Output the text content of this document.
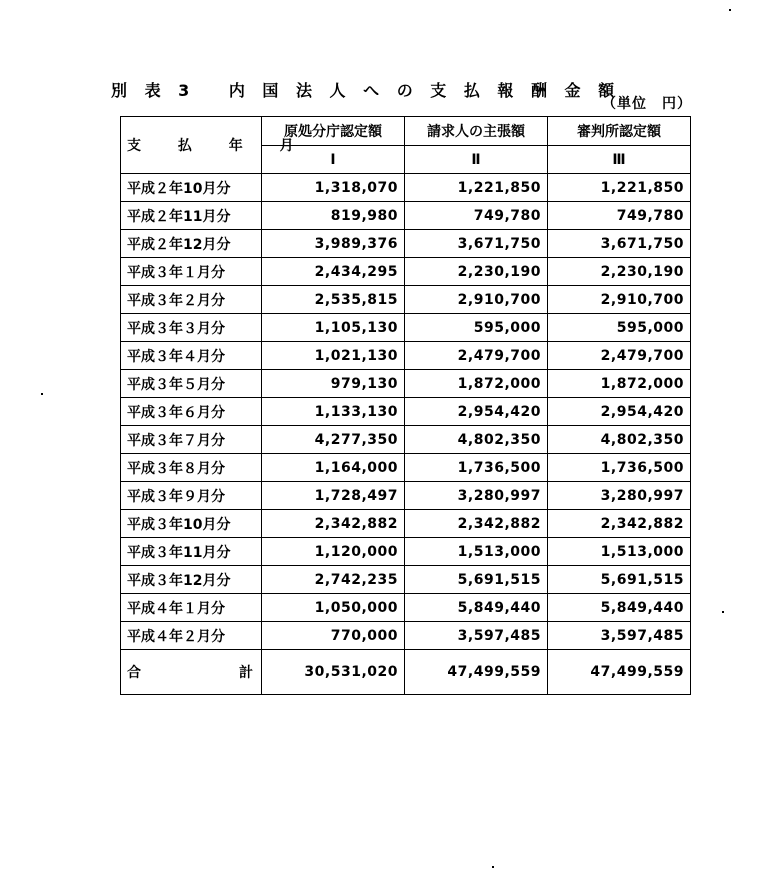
別 表 3　 内 国 法 人 へ の 支 払 報 酬 金 額
（単位　円）
支 払 年 月	原処分庁認定額	請求人の主張額	審判所認定額
	Ⅰ	Ⅱ	Ⅲ
平成２年10月分	1,318,070	1,221,850	1,221,850
平成２年11月分	819,980	749,780	749,780
平成２年12月分	3,989,376	3,671,750	3,671,750
平成３年１月分	2,434,295	2,230,190	2,230,190
平成３年２月分	2,535,815	2,910,700	2,910,700
平成３年３月分	1,105,130	595,000	595,000
平成３年４月分	1,021,130	2,479,700	2,479,700
平成３年５月分	979,130	1,872,000	1,872,000
平成３年６月分	1,133,130	2,954,420	2,954,420
平成３年７月分	4,277,350	4,802,350	4,802,350
平成３年８月分	1,164,000	1,736,500	1,736,500
平成３年９月分	1,728,497	3,280,997	3,280,997
平成３年10月分	2,342,882	2,342,882	2,342,882
平成３年11月分	1,120,000	1,513,000	1,513,000
平成３年12月分	2,742,235	5,691,515	5,691,515
平成４年１月分	1,050,000	5,849,440	5,849,440
平成４年２月分	770,000	3,597,485	3,597,485
合　計	30,531,020	47,499,559	47,499,559
